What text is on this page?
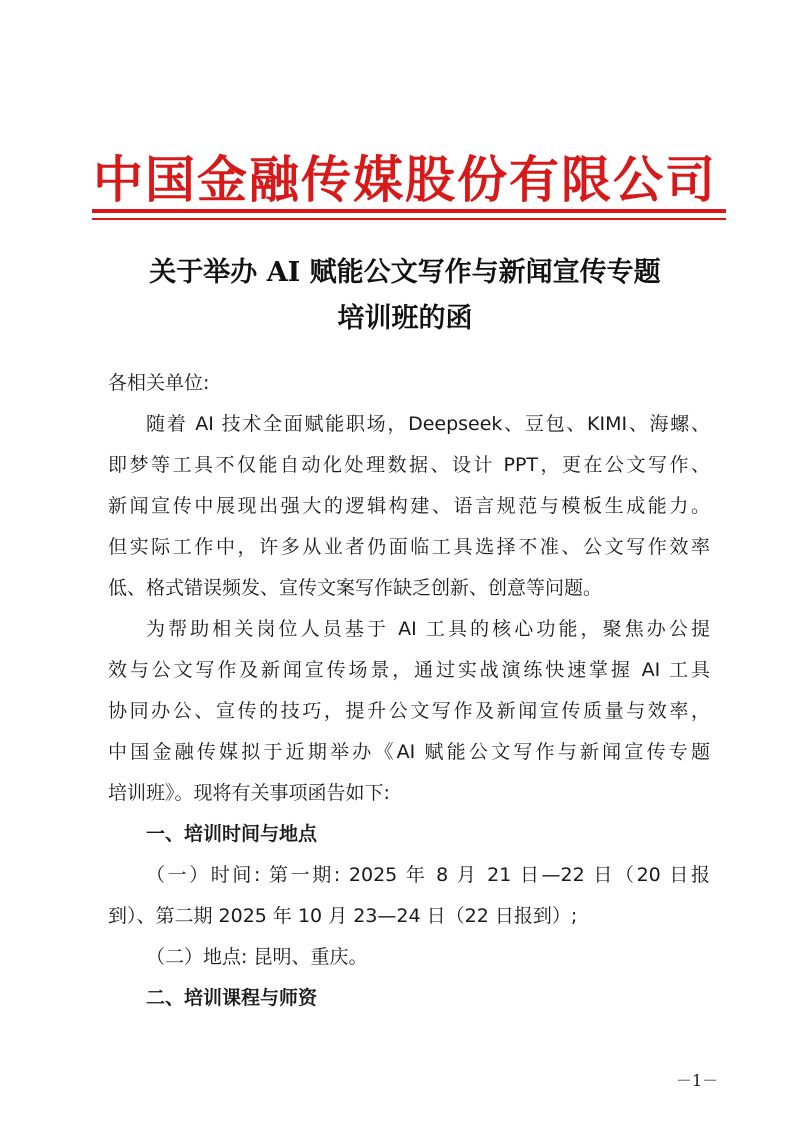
中国金融传媒股份有限公司
关于举办 AI 赋能公文写作与新闻宣传专题
培训班的函
各相关单位:
随着 AI 技术全面赋能职场，Deepseek、豆包、KIMI、海螺、
即梦等工具不仅能自动化处理数据、设计 PPT，更在公文写作、
新闻宣传中展现出强大的逻辑构建、语言规范与模板生成能力。
但实际工作中，许多从业者仍面临工具选择不准、公文写作效率
低、格式错误频发、宣传文案写作缺乏创新、创意等问题。
为帮助相关岗位人员基于 AI 工具的核心功能，聚焦办公提
效与公文写作及新闻宣传场景，通过实战演练快速掌握 AI 工具
协同办公、宣传的技巧，提升公文写作及新闻宣传质量与效率，
中国金融传媒拟于近期举办《AI 赋能公文写作与新闻宣传专题
培训班》。现将有关事项函告如下:
一、培训时间与地点
（一）时间: 第一期: 2025 年 8 月 21 日—22 日（20 日报
到）、第二期 2025 年 10 月 23—24 日（22 日报到）;
（二）地点: 昆明、重庆。
二、培训课程与师资
－1－
